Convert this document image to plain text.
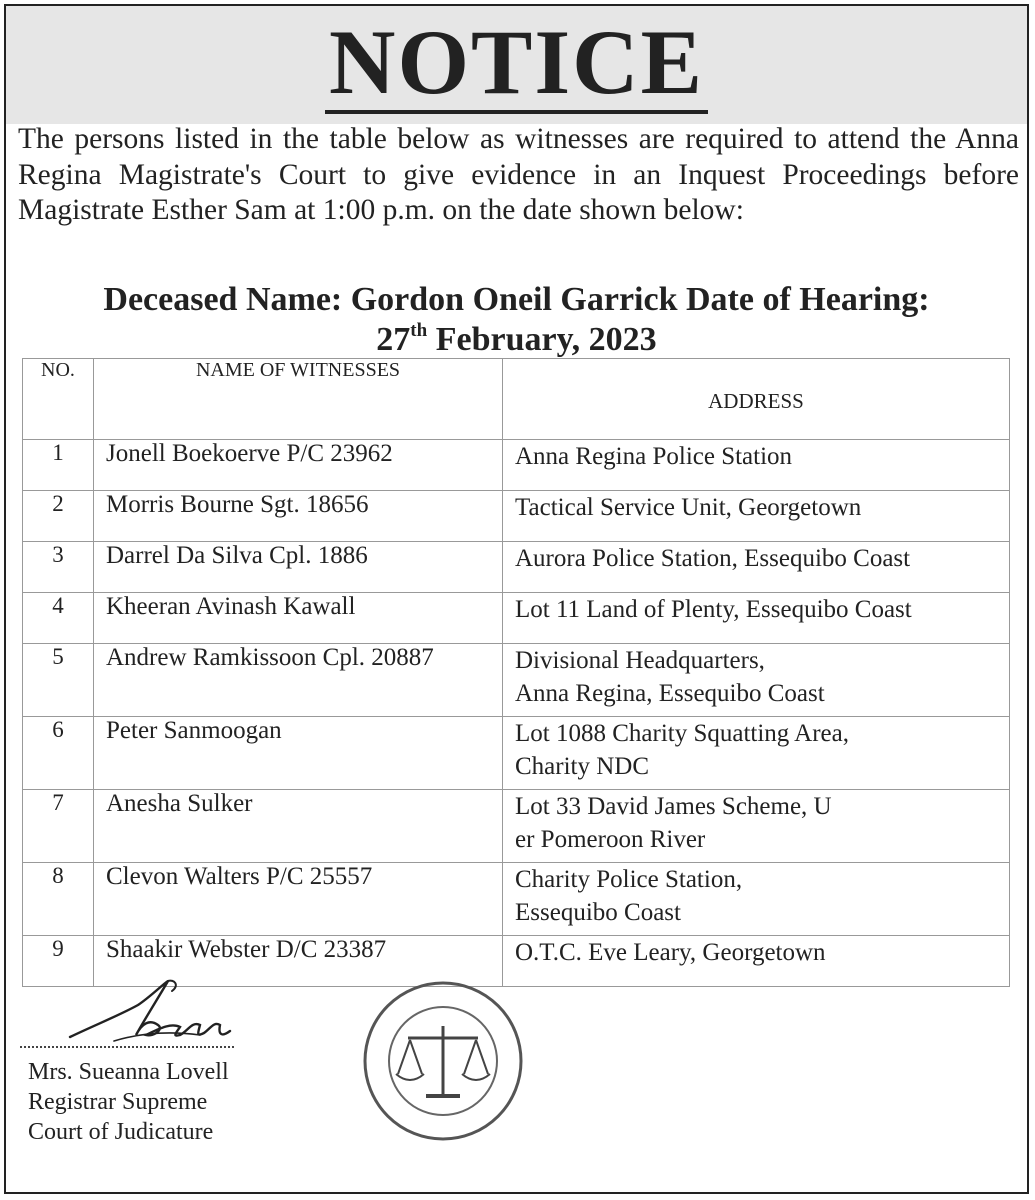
NOTICE
The persons listed in the table below as witnesses are required to attend the Anna Regina Magistrate's Court to give evidence in an Inquest Proceedings before Magistrate Esther Sam at 1:00 p.m. on the date shown below:
Deceased Name: Gordon Oneil Garrick Date of Hearing:
27th February, 2023
NO.	NAME OF WITNESSES	ADDRESS

1	Jonell Boekoerve P/C 23962	Anna Regina Police Station

2	Morris Bourne Sgt. 18656	Tactical Service Unit, Georgetown

3	Darrel Da Silva Cpl. 1886	Aurora Police Station, Essequibo Coast

4	Kheeran Avinash Kawall	Lot 11 Land of Plenty, Essequibo Coast

5	Andrew Ramkissoon Cpl. 20887	Divisional Headquarters,
Anna Regina, Essequibo Coast

6	Peter Sanmoogan	Lot 1088 Charity Squatting Area,
Charity NDC

7	Anesha Sulker	Lot 33 David James Scheme, U
er Pomeroon River

8	Clevon Walters P/C 25557	Charity Police Station,
Essequibo Coast

9	Shaakir Webster D/C 23387	O.T.C. Eve Leary, Georgetown
Mrs. Sueanna Lovell
Registrar Supreme
Court of Judicature
